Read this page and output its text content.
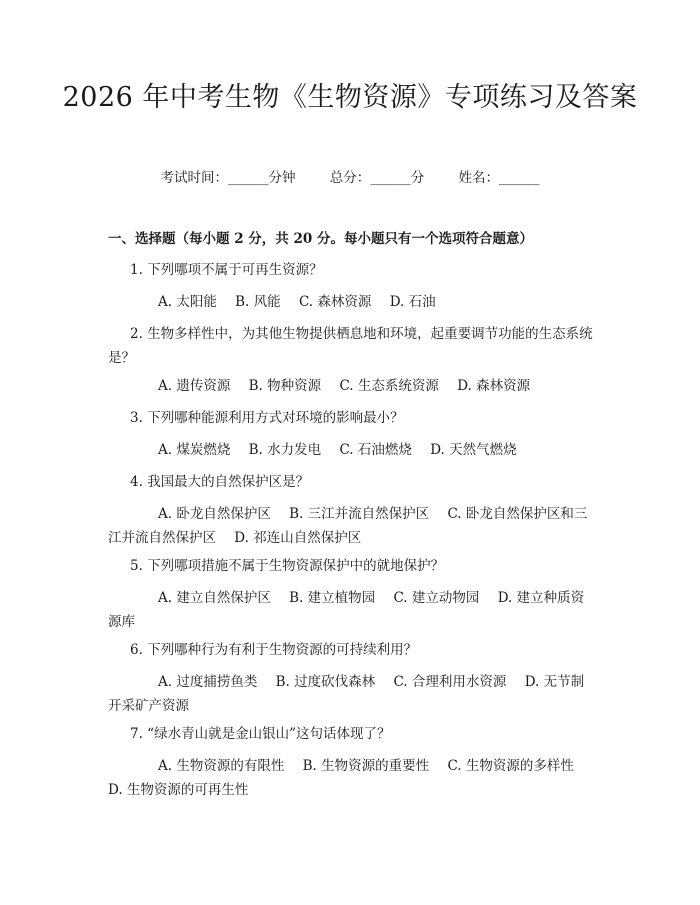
2026 年中考生物《生物资源》专项练习及答案
考试时间：______分钟	总分：______分	姓名：______
一、选择题（每小题 2 分，共 20 分。每小题只有一个选项符合题意）
1. 下列哪项不属于可再生资源？
A. 太阳能 B. 风能 C. 森林资源 D. 石油
2. 生物多样性中，为其他生物提供栖息地和环境，起重要调节功能的生态系统是？
A. 遗传资源 B. 物种资源 C. 生态系统资源 D. 森林资源
3. 下列哪种能源利用方式对环境的影响最小？
A. 煤炭燃烧 B. 水力发电 C. 石油燃烧 D. 天然气燃烧
4. 我国最大的自然保护区是？
A. 卧龙自然保护区 B. 三江并流自然保护区 C. 卧龙自然保护区和三江并流自然保护区 D. 祁连山自然保护区
5. 下列哪项措施不属于生物资源保护中的就地保护？
A. 建立自然保护区 B. 建立植物园 C. 建立动物园 D. 建立种质资源库
6. 下列哪种行为有利于生物资源的可持续利用？
A. 过度捕捞鱼类 B. 过度砍伐森林 C. 合理利用水资源 D. 无节制开采矿产资源
7. “绿水青山就是金山银山”这句话体现了？
A. 生物资源的有限性 B. 生物资源的重要性 C. 生物资源的多样性 D. 生物资源的可再生性
